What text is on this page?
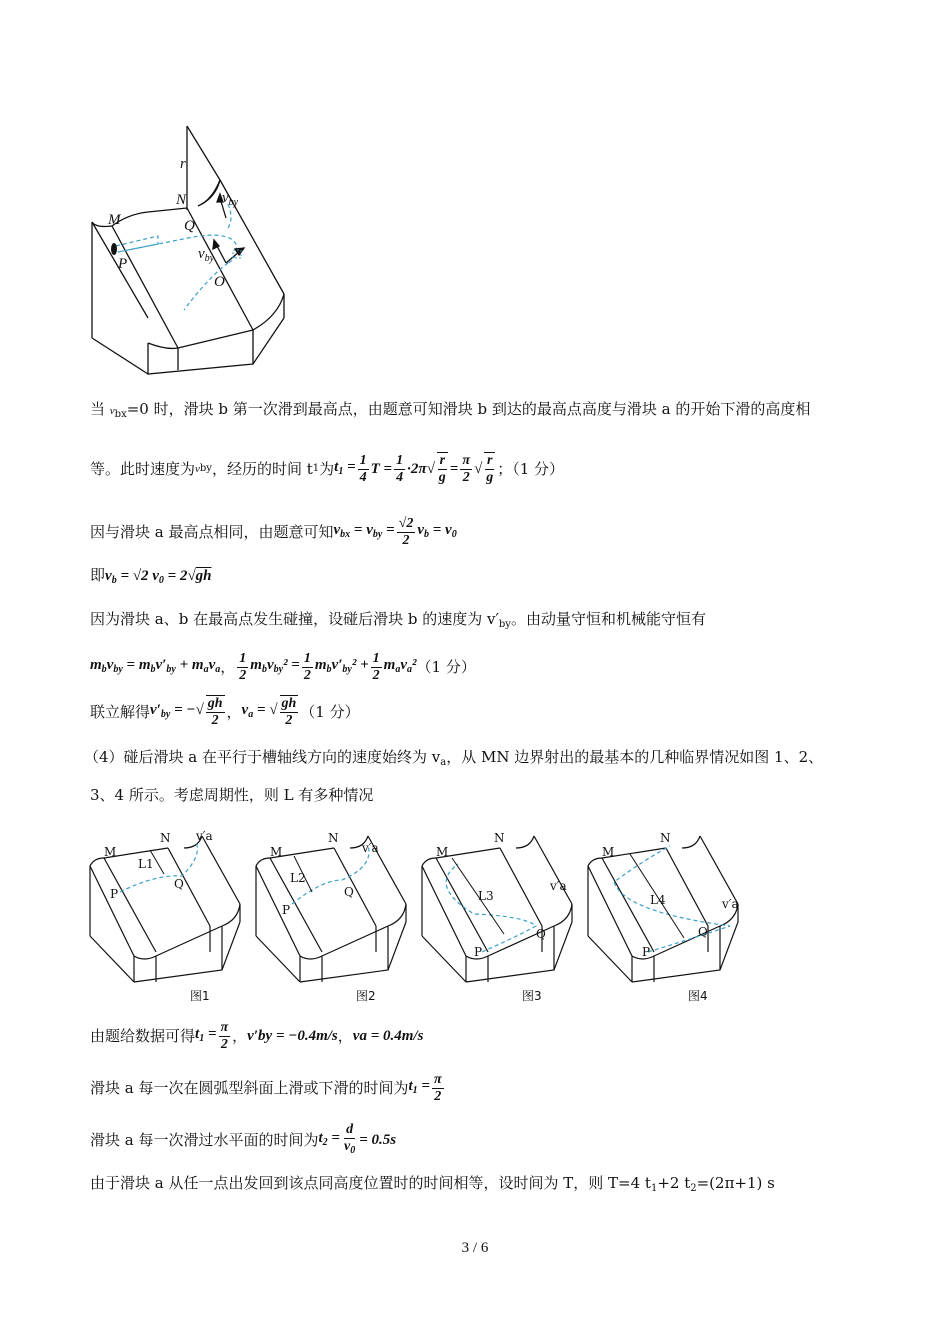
r
N
M	Q
P
O
$v_{by}$
$v_{by}$
当 $v_{bx}=0$ 时，滑块 b 第一次滑到最高点，由题意可知滑块 b 到达的最高点高度与滑块 a 的开始下滑的高度相
等。此时速度为 v by ，经历的时间 t 1 为 $t_1 = \frac{1}{4}$ $T = \frac{1}{4} \cdot 2\pi$ √ $\frac{r}{g} = \frac{\pi}{2}$ √ $\frac{r}{g}$ ；（1 分）
因与滑块 a 最高点相同，由题意可知 $v_{bx} = v_{by} = \frac{√2}{2} v_b = v_0$
即$v_b = √2$ $v_0 = 2√gh$
因为滑块 a、b 在最高点发生碰撞，设碰后滑块 b 的速度为 $v'_{by}$。由动量守恒和机械能守恒有
$m_bv_{by} = m_bv'_{by} + m_av_a$ ， $\frac{1}{2} m_bv_{by}^2 = \frac{1}{2} m_bv'_{by}^2 + \frac{1}{2} m_av_a^2$ （1 分）
联立解得 $v'_{by}$ = −√ $\frac{gh}{2}$ ， $v_a$ = √ $\frac{gh}{2} (1$ 分）
（4）碰后滑块 a 在平行于槽轴线方向的速度始终为 $v_a$，从 MN 边界射出的最基本的几种临界情况如图 1、2、
3、4 所示。考虑周期性，则 L 有多种情况
M
N
P
Q
v′a
L1
M
N
P
Q
v′a
L2
M
N
P
Q
v′a
L3
M
N
P
Q
v′a
L4
图1	图2	图3	图4
由题给数据可得 $t_1 = \frac{\pi}{2}$ ， v′by = −0.4m/s ， va = 0.4m/s
滑块 a 每一次在圆弧型斜面上滑或下滑的时间为 $t_1 = \frac{\pi}{2}$
滑块 a 每一次滑过水平面的时间为 $t_2 = \frac{d}{v_0} = 0.5s$
由于滑块 a 从任一点出发回到该点同高度位置时的时间相等，设时间为 T，则 T=4 $t_1+2$ $t_2=(2\pi+1)$ s
3 / 6
